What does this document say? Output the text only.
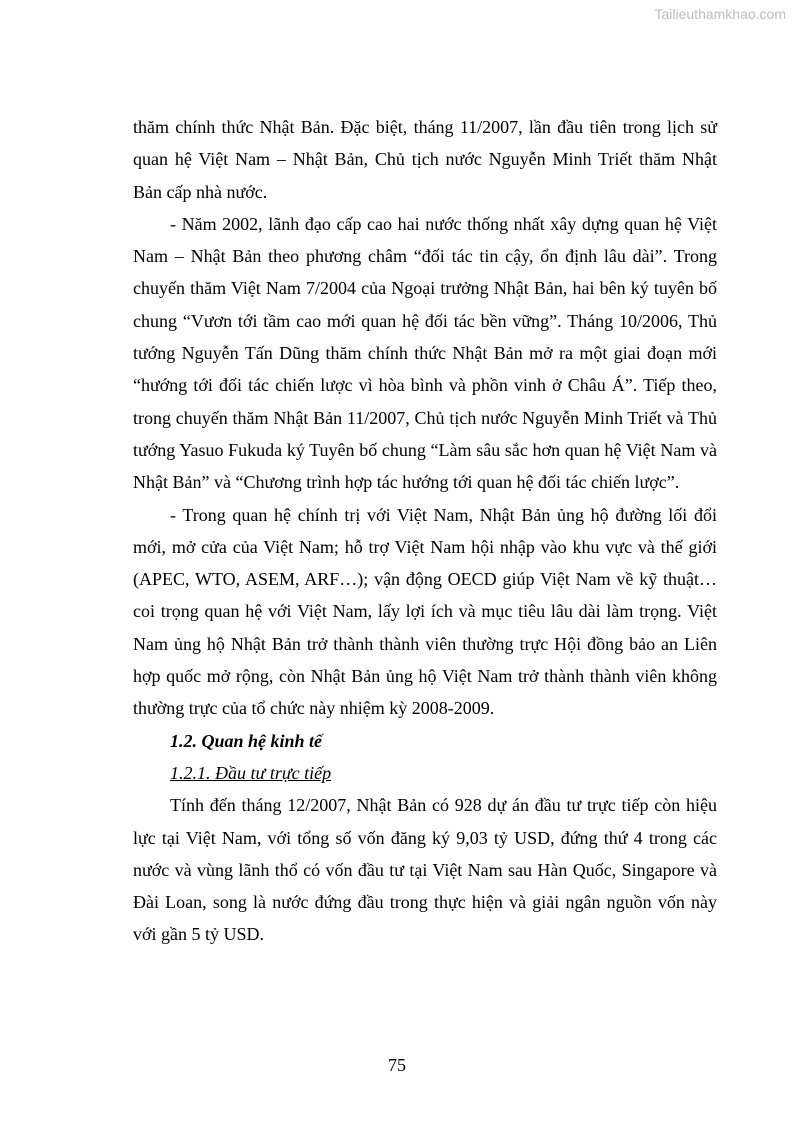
Tailieuthamkhao.com

thăm chính thức Nhật Bản. Đặc biệt, tháng 11/2007, lần đầu tiên trong lịch sử quan hệ Việt Nam – Nhật Bản, Chủ tịch nước Nguyễn Minh Triết thăm Nhật Bản cấp nhà nước.

- Năm 2002, lãnh đạo cấp cao hai nước thống nhất xây dựng quan hệ Việt Nam – Nhật Bản theo phương châm “đối tác tin cậy, ổn định lâu dài”. Trong chuyến thăm Việt Nam 7/2004 của Ngoại trưởng Nhật Bản, hai bên ký tuyên bố chung “Vươn tới tầm cao mới quan hệ đối tác bền vững”. Tháng 10/2006, Thủ tướng Nguyễn Tấn Dũng thăm chính thức Nhật Bản mở ra một giai đoạn mới “hướng tới đối tác chiến lược vì hòa bình và phồn vinh ở Châu Á”. Tiếp theo, trong chuyến thăm Nhật Bản 11/2007, Chủ tịch nước Nguyễn Minh Triết và Thủ tướng Yasuo Fukuda ký Tuyên bố chung “Làm sâu sắc hơn quan hệ Việt Nam và Nhật Bản” và “Chương trình hợp tác hướng tới quan hệ đối tác chiến lược”.

- Trong quan hệ chính trị với Việt Nam, Nhật Bản ủng hộ đường lối đổi mới, mở cửa của Việt Nam; hỗ trợ Việt Nam hội nhập vào khu vực và thế giới (APEC, WTO, ASEM, ARF…); vận động OECD giúp Việt Nam về kỹ thuật… coi trọng quan hệ với Việt Nam, lấy lợi ích và mục tiêu lâu dài làm trọng. Việt Nam ủng hộ Nhật Bản trở thành thành viên thường trực Hội đồng bảo an Liên hợp quốc mở rộng, còn Nhật Bản ủng hộ Việt Nam trở thành thành viên không thường trực của tổ chức này nhiệm kỳ 2008-2009.

1.2. Quan hệ kinh tế

1.2.1. Đầu tư trực tiếp

Tính đến tháng 12/2007, Nhật Bản có 928 dự án đầu tư trực tiếp còn hiệu lực tại Việt Nam, với tổng số vốn đăng ký 9,03 tỷ USD, đứng thứ 4 trong các nước và vùng lãnh thổ có vốn đầu tư tại Việt Nam sau Hàn Quốc, Singapore và Đài Loan, song là nước đứng đầu trong thực hiện và giải ngân nguồn vốn này với gần 5 tỷ USD.

75
